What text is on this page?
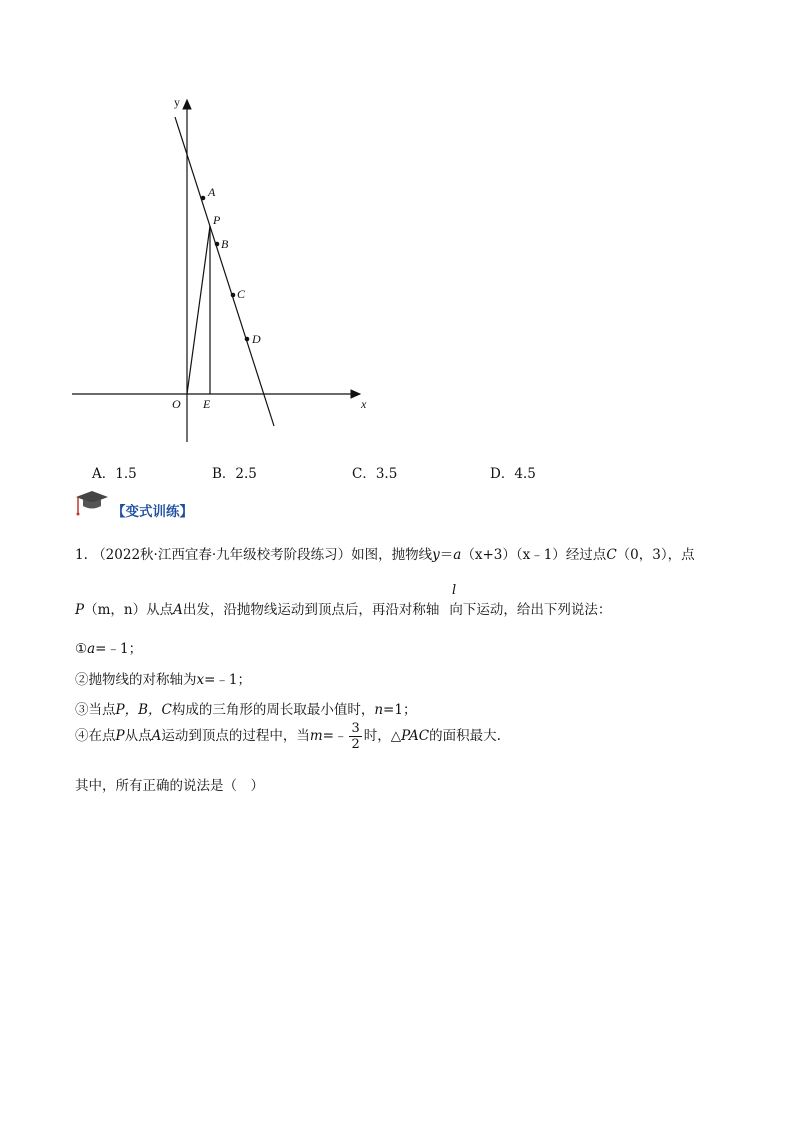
y
x
O
A
P
B
C
D
E
A．1.5	B．2.5	C．3.5	D．4.5
【变式训练】
1. （2022秋·江西宜春·九年级校考阶段练习）如图，抛物线y＝a（x+3）（x﹣1）经过点C（0，3），点
l
P（m，n）从点A出发，沿抛物线运动到顶点后，再沿对称轴 向下运动，给出下列说法：
①a=﹣1；
②抛物线的对称轴为x=﹣1；
③当点P，B，C构成的三角形的周长取最小值时，n=1；
④在点P从点A运动到顶点的过程中，当m=﹣ $\frac{3}{2}$ 时，△PAC的面积最大.
其中，所有正确的说法是（　）
